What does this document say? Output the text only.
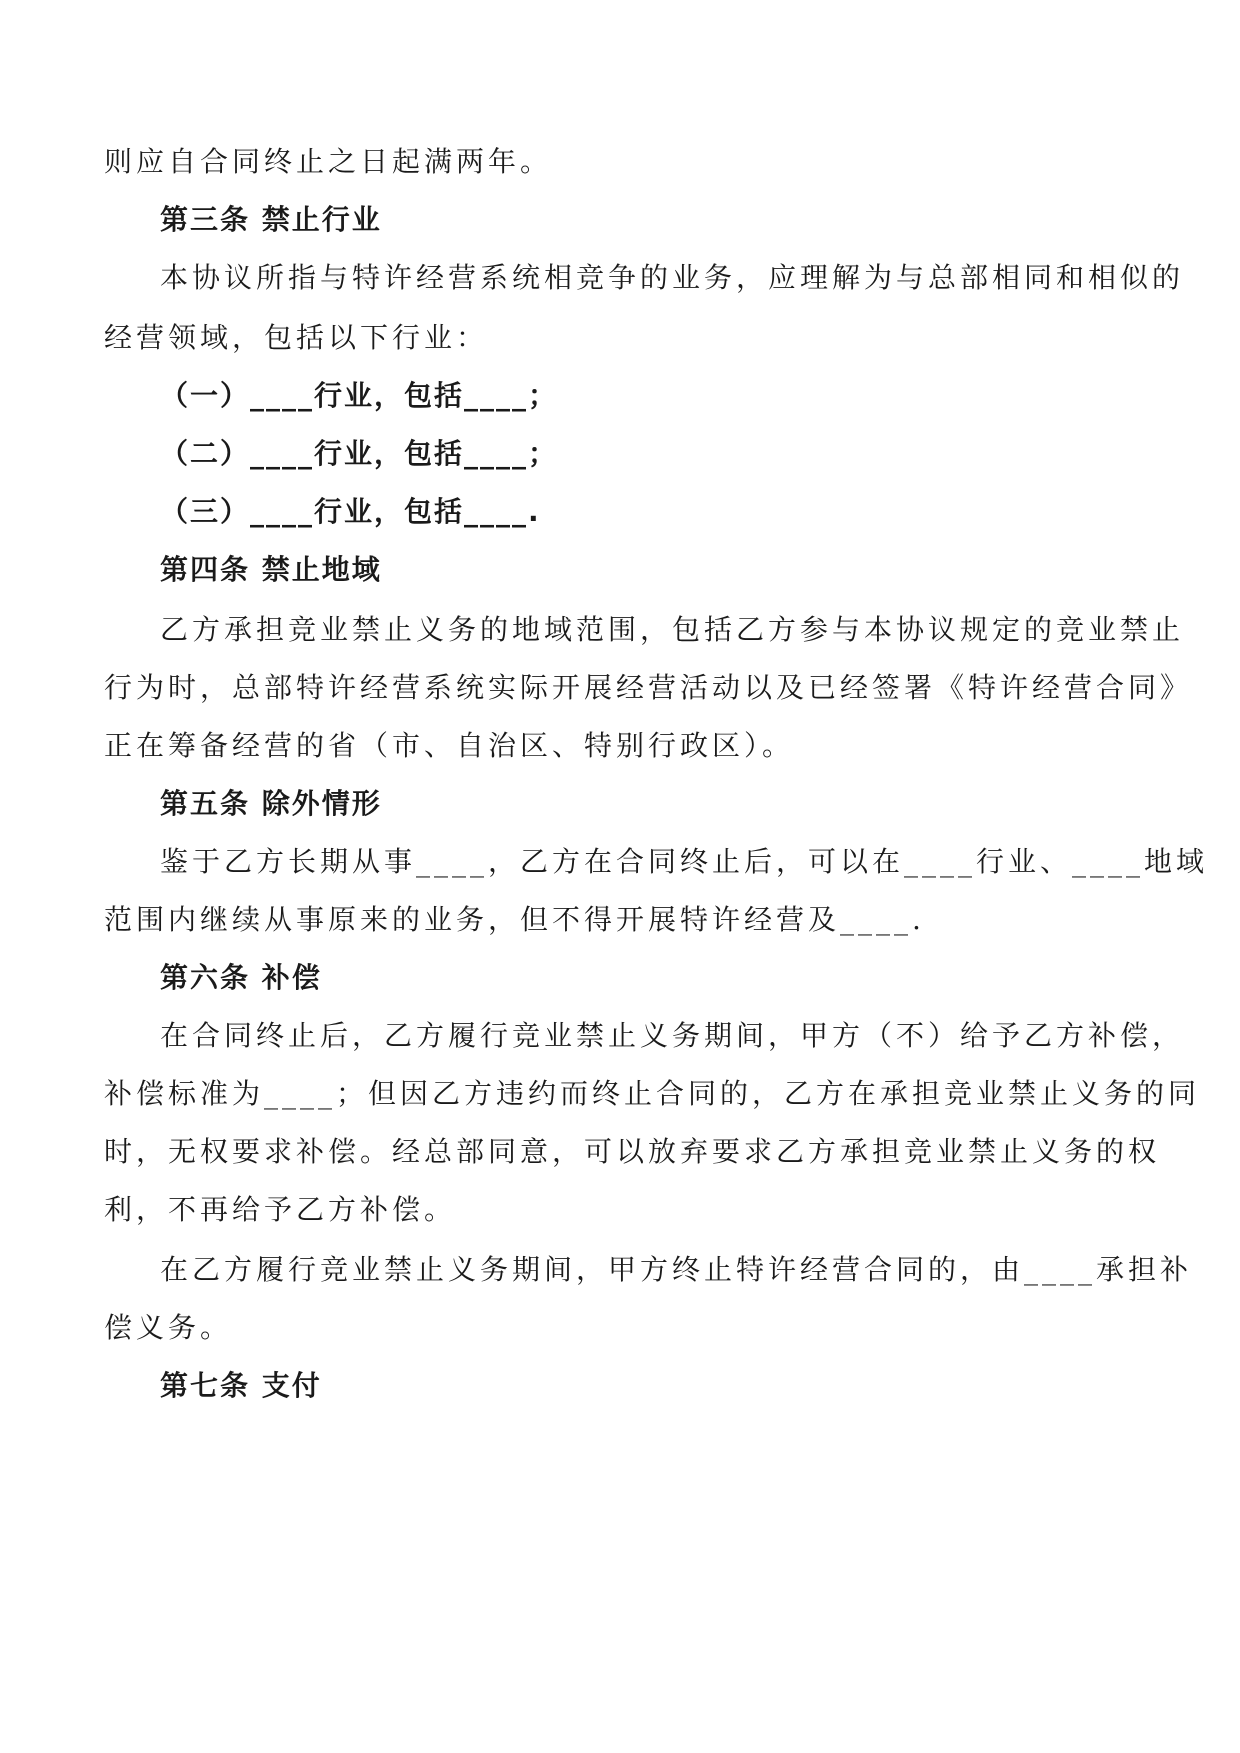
则应自合同终止之日起满两年。
第三条 禁止行业
本协议所指与特许经营系统相竞争的业务，应理解为与总部相同和相似的
经营领域，包括以下行业：
（一）____行业，包括____；
（二）____行业，包括____；
（三）____行业，包括____.
第四条 禁止地域
乙方承担竞业禁止义务的地域范围，包括乙方参与本协议规定的竞业禁止
行为时，总部特许经营系统实际开展经营活动以及已经签署《特许经营合同》
正在筹备经营的省（市、自治区、特别行政区）。
第五条 除外情形
鉴于乙方长期从事____，乙方在合同终止后，可以在____行业、____地域
范围内继续从事原来的业务，但不得开展特许经营及____.
第六条 补偿
在合同终止后，乙方履行竞业禁止义务期间，甲方（不）给予乙方补偿，
补偿标准为____；但因乙方违约而终止合同的，乙方在承担竞业禁止义务的同
时，无权要求补偿。经总部同意，可以放弃要求乙方承担竞业禁止义务的权
利，不再给予乙方补偿。
在乙方履行竞业禁止义务期间，甲方终止特许经营合同的，由____承担补
偿义务。
第七条 支付
